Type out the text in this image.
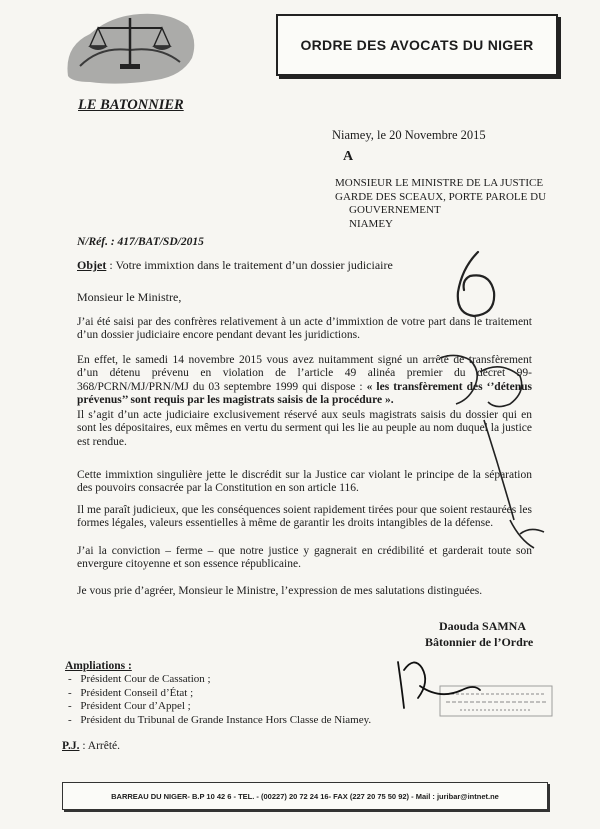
ORDRE DES AVOCATS DU NIGER
LE BATONNIER
Niamey, le 20 Novembre 2015
A
MONSIEUR LE MINISTRE DE LA JUSTICE
GARDE DES SCEAUX, PORTE PAROLE DU
GOUVERNEMENT
NIAMEY
N/Réf. : 417/BAT/SD/2015
Objet : Votre immixtion dans le traitement d’un dossier judiciaire
Monsieur le Ministre,
J’ai été saisi par des confrères relativement à un acte d’immixtion de votre part dans le traitement d’un dossier judiciaire encore pendant devant les juridictions.
En effet, le samedi 14 novembre 2015 vous avez nuitamment signé un arrêté de transfèrement d’un détenu prévenu en violation de l’article 49 alinéa premier du décret 99-368/PCRN/MJ/PRN/MJ du 03 septembre 1999 qui dispose : « les transfèrement des ‘’détenus prévenus’’ sont requis par les magistrats saisis de la procédure ».
Il s’agit d’un acte judiciaire exclusivement réservé aux seuls magistrats saisis du dossier qui en sont les dépositaires, eux mêmes en vertu du serment qui les lie au peuple au nom duquel la justice est rendue.
Cette immixtion singulière jette le discrédit sur la Justice car violant le principe de la séparation des pouvoirs consacrée par la Constitution en son article 116.
Il me paraît judicieux, que les conséquences soient rapidement tirées pour que soient restaurées les formes légales, valeurs essentielles à même de garantir les droits intangibles de la défense.
J’ai la conviction – ferme – que notre justice y gagnerait en crédibilité et garderait toute son envergure citoyenne et son essence républicaine.
Je vous prie d’agréer, Monsieur le Ministre, l’expression de mes salutations distinguées.
Daouda SAMNA
Bâtonnier de l’Ordre
Ampliations :
- Président Cour de Cassation ;
- Président Conseil d’État ;
- Président Cour d’Appel ;
- Président du Tribunal de Grande Instance Hors Classe de Niamey.
P.J. : Arrêté.
BARREAU DU NIGER- B.P 10 42 6 - TEL. - (00227) 20 72 24 16- FAX (227 20 75 50 92) - Mail : juribar@intnet.ne
